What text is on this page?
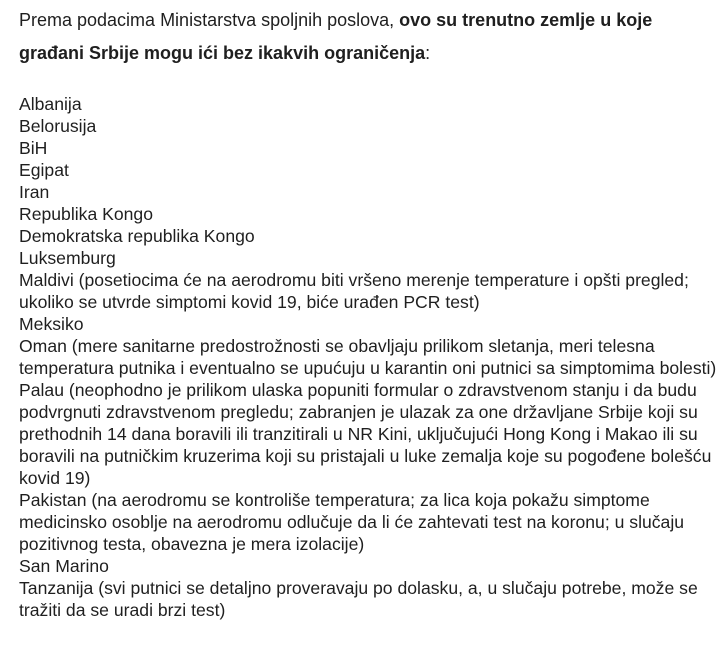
Prema podacima Ministarstva spoljnih poslova, ovo su trenutno zemlje u koje građani Srbije mogu ići bez ikakvih ograničenja:

Albanija
Belorusija
BiH
Egipat
Iran
Republika Kongo
Demokratska republika Kongo
Luksemburg
Maldivi (posetiocima će na aerodromu biti vršeno merenje temperature i opšti pregled; ukoliko se utvrde simptomi kovid 19, biće urađen PCR test)
Meksiko
Oman (mere sanitarne predostrožnosti se obavljaju prilikom sletanja, meri telesna temperatura putnika i eventualno se upućuju u karantin oni putnici sa simptomima bolesti)
Palau (neophodno je prilikom ulaska popuniti formular o zdravstvenom stanju i da budu podvrgnuti zdravstvenom pregledu; zabranjen je ulazak za one državljane Srbije koji su prethodnih 14 dana boravili ili tranzitirali u NR Kini, uključujući Hong Kong i Makao ili su boravili na putničkim kruzerima koji su pristajali u luke zemalja koje su pogođene bolešću kovid 19)
Pakistan (na aerodromu se kontroliše temperatura; za lica koja pokažu simptome medicinsko osoblje na aerodromu odlučuje da li će zahtevati test na koronu; u slučaju pozitivnog testa, obavezna je mera izolacije)
San Marino
Tanzanija (svi putnici se detaljno proveravaju po dolasku, a, u slučaju potrebe, može se tražiti da se uradi brzi test)
